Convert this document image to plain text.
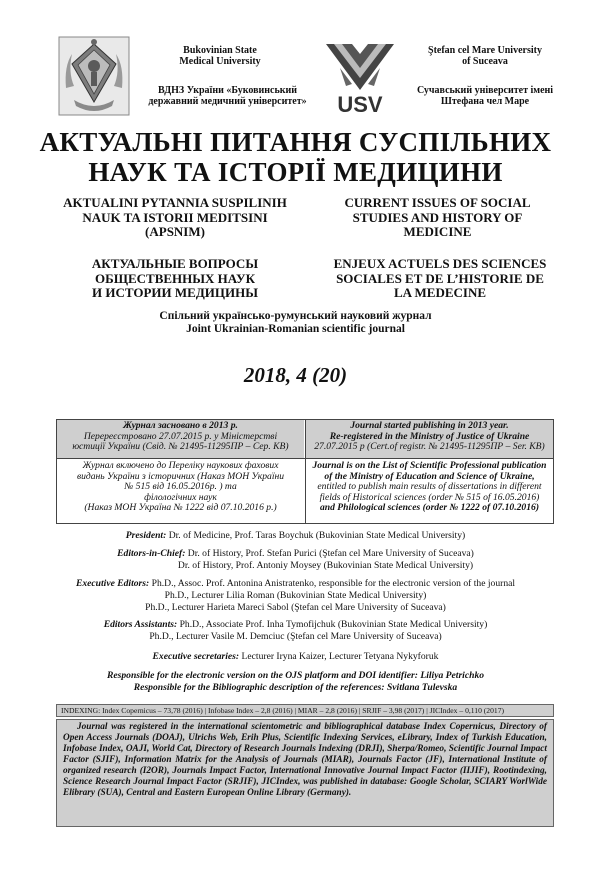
Bukovinian State
Medical University
ВДНЗ України «Буковинський
державний медичний університет»	USV
Ştefan cel Mare University
of Suceava
Сучавський університет імені
Штефана чел Маре
АКТУАЛЬНІ ПИТАННЯ СУСПІЛЬНИХ
НАУК ТА ІСТОРІЇ МЕДИЦИНИ
AKTUALINI PYTANNIA SUSPILINIH
NAUK TA ISTORII MEDITSINI
(APSNIM)
CURRENT ISSUES OF SOCIAL
STUDIES AND HISTORY OF
MEDICINE
АКТУАЛЬНЫЕ ВОПРОСЫ
ОБЩЕСТВЕННЫХ НАУК
И ИСТОРИИ МЕДИЦИНЫ
ENJEUX ACTUELS DES SCIENCES
SOCIALES ET DE L’HISTORIE DE
LA MEDECINE
Спільний українсько-румунський науковий журнал
Joint Ukrainian-Romanian scientific journal
2018, 4 (20)
Журнал засновано в 2013 р.
Перереєстровано 27.07.2015 р. у Міністерстві
юстиції України (Свід. № 21495-11295ПР – Сер. КВ)
Journal started publishing in 2013 year.
Re-registered in the Ministry of Justice of Ukraine
27.07.2015 р (Cert.of registr. № 21495-11295ПР – Ser. KB)
Журнал включено до Переліку наукових фахових
видань України з історичних (Наказ МОН України
№ 515 від 16.05.2016р. ) та
філологічних наук
(Наказ МОН Україна № 1222 від 07.10.2016 р.)
Journal is on the List of Scientific Professional publication
of the Ministry of Education and Science of Ukraine,
entitled to publish main results of dissertations in different
fields of Historical sciences (order № 515 of 16.05.2016)
and Philological sciences (order № 1222 of 07.10.2016)
President: Dr. of Medicine, Prof. Taras Boychuk (Bukovinian State Medical University)
Editors-in-Chief: Dr. of History, Prof. Stefan Purici (Ştefan cel Mare University of Suceava)
Dr. of History, Prof. Antoniy Moysey (Bukovinian State Medical University)
Executive Editors: Ph.D., Assoc. Prof. Antonina Anistratenko, responsible for the electronic version of the journal
Ph.D., Lecturer Lilia Roman (Bukovinian State Medical University)
Ph.D., Lecturer Harieta Mareci Sabol (Ştefan cel Mare University of Suceava)
Editors Assistants: Ph.D., Associate Prof. Inha Tymofijchuk (Bukovinian State Medical University)
Ph.D., Lecturer Vasile M. Demciuc (Ştefan cel Mare University of Suceava)
Executive secretaries: Lecturer Iryna Kaizer, Lecturer Tetyana Nykyforuk
Responsible for the electronic version on the OJS platform and DOI identifier: Liliya Petrichko
Responsible for the Bibliographic description of the references: Svitlana Tulevska
INDEXING: Index Copernicus – 73,78 (2016) | Infobase Index – 2,8 (2016) | MIAR – 2,8 (2016) | SRJIF – 3,98 (2017) | JICIndex – 0,110 (2017)
Journal was registered in the international scientometric and bibliographical database Index Copernicus, Directory of Open Access Journals (DOAJ), Ulrichs Web, Erih Plus, Scientific Indexing Services, eLibrary, Index of Turkish Education, Infobase Index, OAJI, World Cat, Directory of Research Journals Indexing (DRJI), Sherpa/Romeo, Scientific Journal Impact Factor (SJIF), Information Matrix for the Analysis of Journals (MIAR), Journals Factor (JF), International Institute of organized research (I2OR), Journals Impact Factor, International Innovative Journal Impact Factor (IIJIF), Rootindexing, Science Research Journal Impact Factor (SRJIF), JICIndex, was published in database: Google Scholar, SCIARY WorlWide Elibrary (SUA), Central and Eastern European Online Library (Germany).
